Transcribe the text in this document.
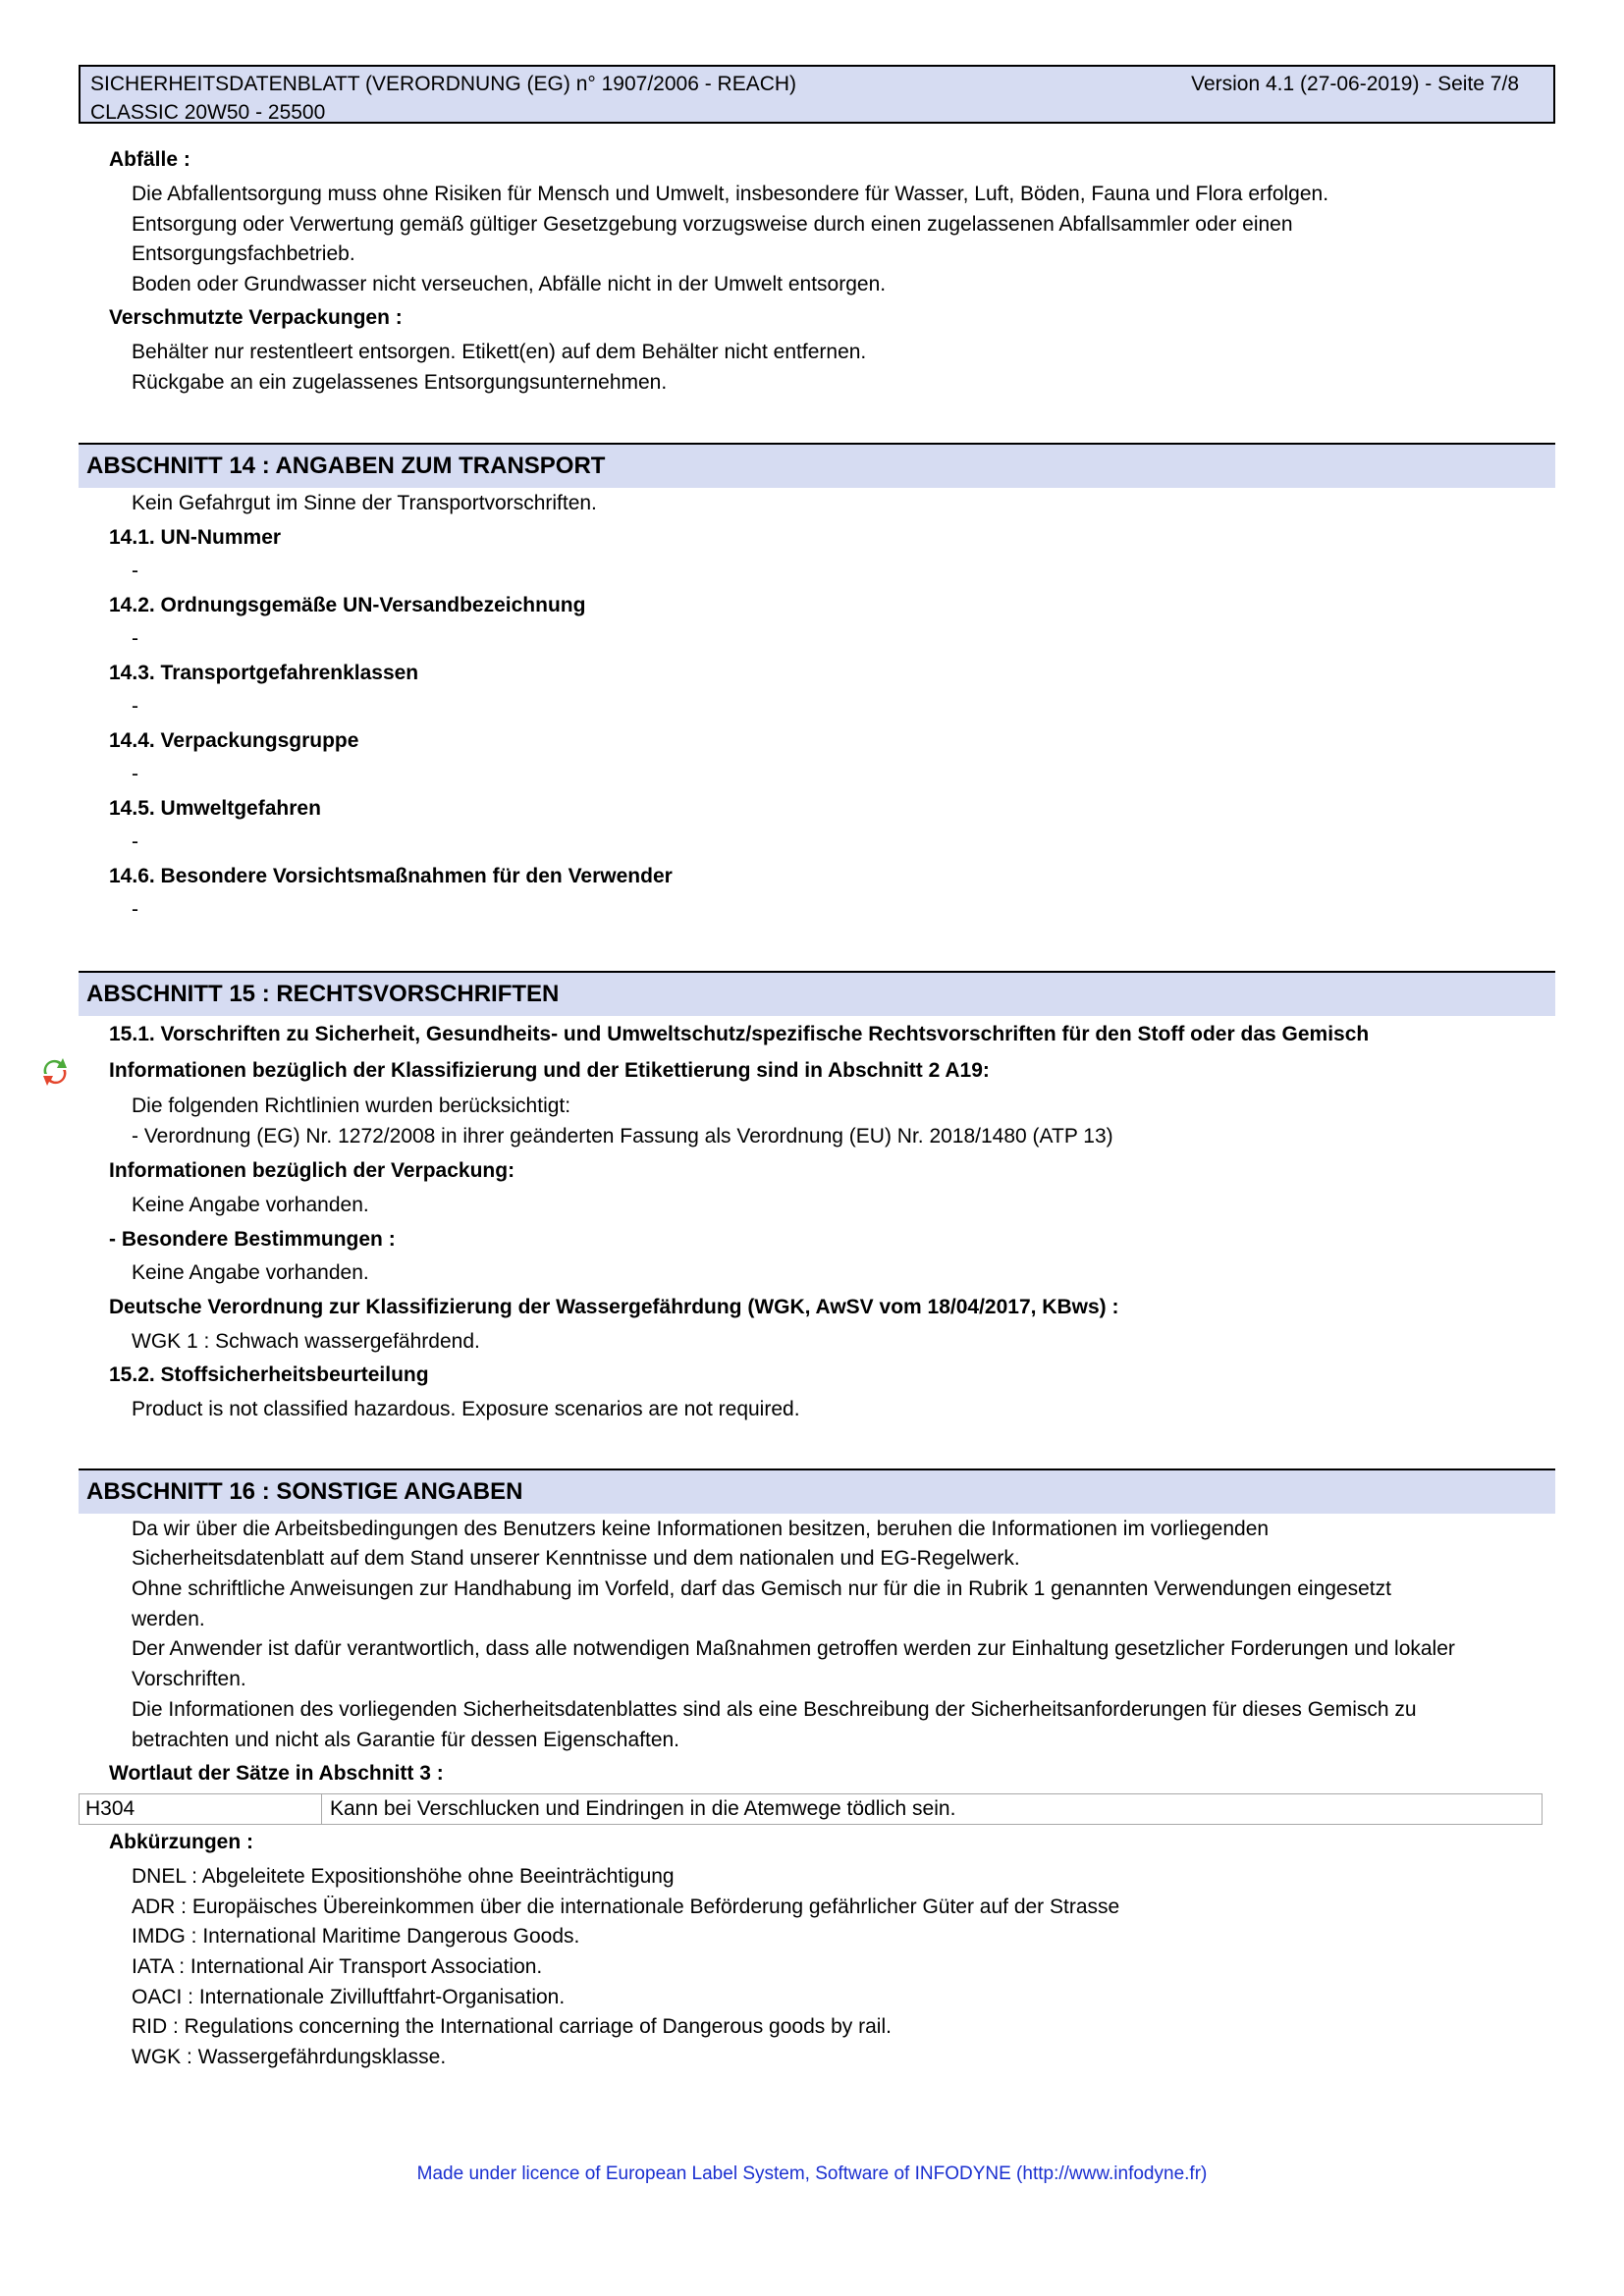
SICHERHEITSDATENBLATT (VERORDNUNG (EG) n° 1907/2006 - REACH)
CLASSIC 20W50 - 25500
Version 4.1 (27-06-2019) - Seite 7/8
Abfälle :
Die Abfallentsorgung muss ohne Risiken für Mensch und Umwelt, insbesondere für Wasser, Luft, Böden, Fauna und Flora erfolgen.
Entsorgung oder Verwertung gemäß gültiger Gesetzgebung vorzugsweise durch einen zugelassenen Abfallsammler oder einen
Entsorgungsfachbetrieb.
Boden oder Grundwasser nicht verseuchen, Abfälle nicht in der Umwelt entsorgen.
Verschmutzte Verpackungen :
Behälter nur restentleert entsorgen. Etikett(en) auf dem Behälter nicht entfernen.
Rückgabe an ein zugelassenes Entsorgungsunternehmen.
ABSCHNITT 14 : ANGABEN ZUM TRANSPORT
Kein Gefahrgut im Sinne der Transportvorschriften.
14.1. UN-Nummer
-
14.2. Ordnungsgemäße UN-Versandbezeichnung
-
14.3. Transportgefahrenklassen
-
14.4. Verpackungsgruppe
-
14.5. Umweltgefahren
-
14.6. Besondere Vorsichtsmaßnahmen für den Verwender
-
ABSCHNITT 15 : RECHTSVORSCHRIFTEN
15.1. Vorschriften zu Sicherheit, Gesundheits- und Umweltschutz/spezifische Rechtsvorschriften für den Stoff oder das Gemisch
Informationen bezüglich der Klassifizierung und der Etikettierung sind in Abschnitt 2 A19:
Die folgenden Richtlinien wurden berücksichtigt:
- Verordnung (EG) Nr. 1272/2008 in ihrer geänderten Fassung als Verordnung (EU) Nr. 2018/1480 (ATP 13)
Informationen bezüglich der Verpackung:
Keine Angabe vorhanden.
- Besondere Bestimmungen :
Keine Angabe vorhanden.
Deutsche Verordnung zur Klassifizierung der Wassergefährdung (WGK, AwSV vom 18/04/2017, KBws) :
WGK 1 : Schwach wassergefährdend.
15.2. Stoffsicherheitsbeurteilung
Product is not classified hazardous. Exposure scenarios are not required.
ABSCHNITT 16 : SONSTIGE ANGABEN
Da wir über die Arbeitsbedingungen des Benutzers keine Informationen besitzen, beruhen die Informationen im vorliegenden
Sicherheitsdatenblatt auf dem Stand unserer Kenntnisse und dem nationalen und EG-Regelwerk.
Ohne schriftliche Anweisungen zur Handhabung im Vorfeld, darf das Gemisch nur für die in Rubrik 1 genannten Verwendungen eingesetzt
werden.
Der Anwender ist dafür verantwortlich, dass alle notwendigen Maßnahmen getroffen werden zur Einhaltung gesetzlicher Forderungen und lokaler
Vorschriften.
Die Informationen des vorliegenden Sicherheitsdatenblattes sind als eine Beschreibung der Sicherheitsanforderungen für dieses Gemisch zu
betrachten und nicht als Garantie für dessen Eigenschaften.
Wortlaut der Sätze in Abschnitt 3 :
H304	Kann bei Verschlucken und Eindringen in die Atemwege tödlich sein.
Abkürzungen :
DNEL : Abgeleitete Expositionshöhe ohne Beeinträchtigung
ADR : Europäisches Übereinkommen über die internationale Beförderung gefährlicher Güter auf der Strasse
IMDG : International Maritime Dangerous Goods.
IATA : International Air Transport Association.
OACI : Internationale Zivilluftfahrt-Organisation.
RID : Regulations concerning the International carriage of Dangerous goods by rail.
WGK : Wassergefährdungsklasse.
Made under licence of European Label System, Software of INFODYNE (http://www.infodyne.fr)
